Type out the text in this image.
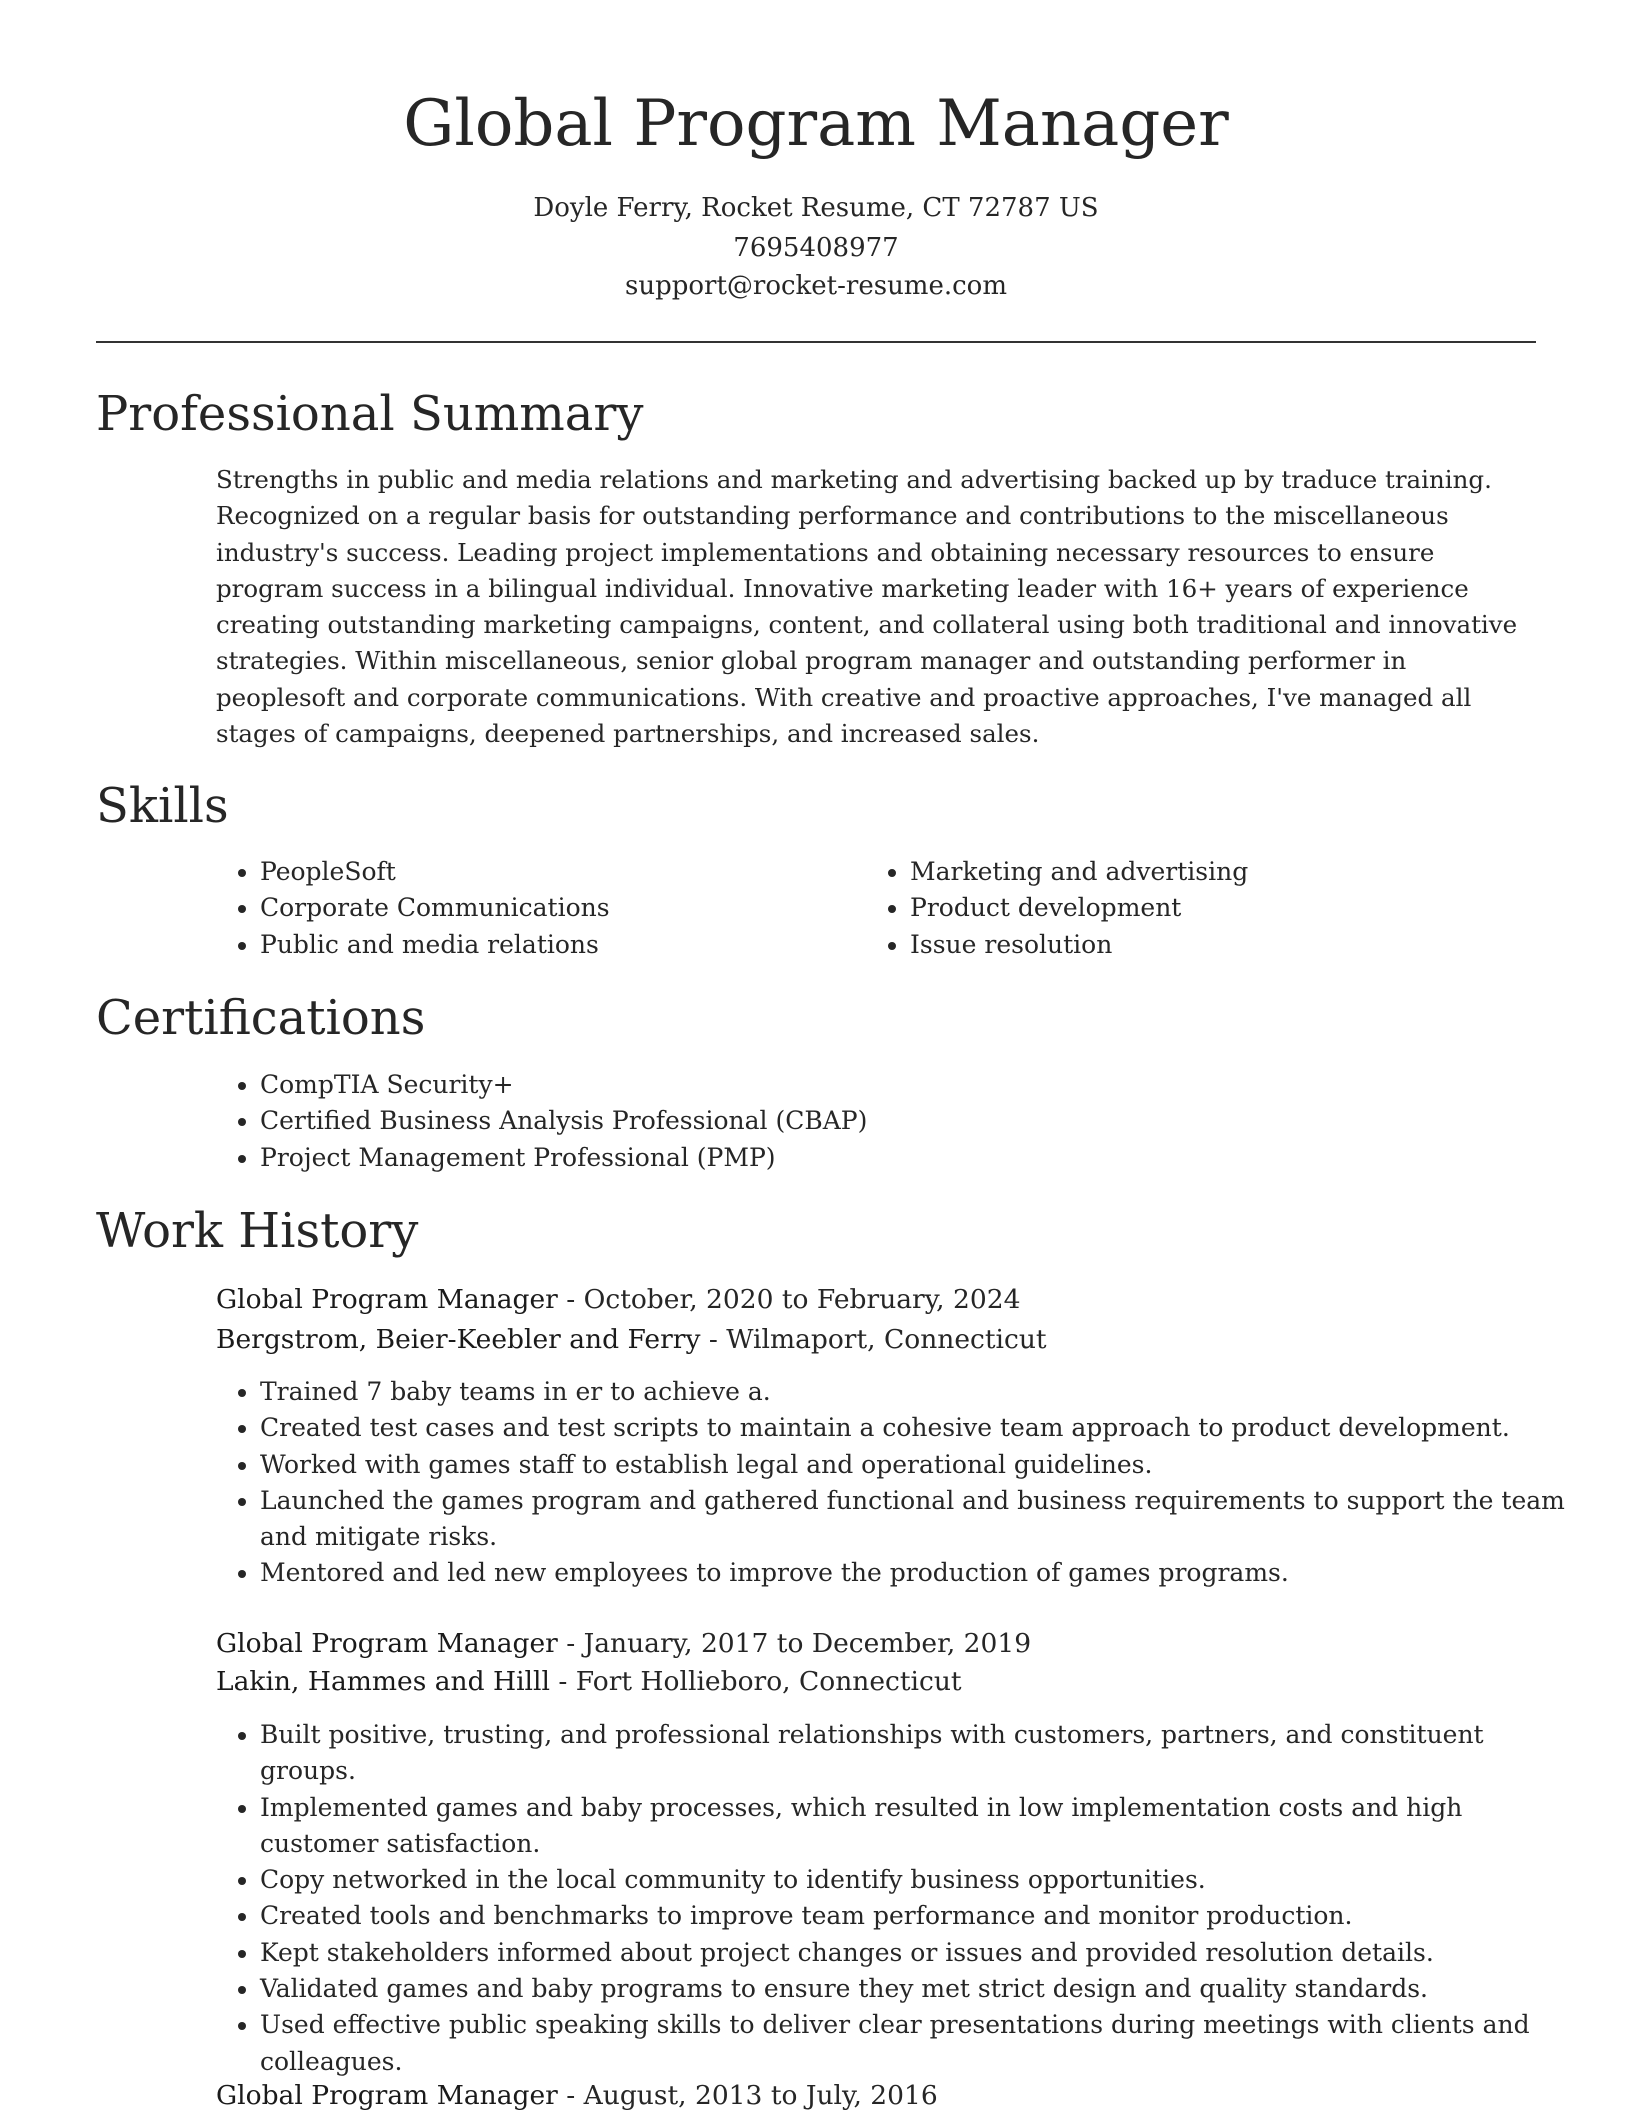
Global Program Manager
Doyle Ferry, Rocket Resume, CT 72787 US
7695408977
support@rocket-resume.com
Professional Summary

Strengths in public and media relations and marketing and advertising backed up by traduce training. Recognized on a regular basis for outstanding performance and contributions to the miscellaneous industry's success. Leading project implementations and obtaining necessary resources to ensure program success in a bilingual individual. Innovative marketing leader with 16+ years of experience creating outstanding marketing campaigns, content, and collateral using both traditional and innovative strategies. Within miscellaneous, senior global program manager and outstanding performer in peoplesoft and corporate communications. With creative and proactive approaches, I've managed all stages of campaigns, deepened partnerships, and increased sales.

Skills
• PeopleSoft
• Corporate Communications
• Public and media relations
• Marketing and advertising
• Product development
• Issue resolution
Certifications
• CompTIA Security+
• Certified Business Analysis Professional (CBAP)
• Project Management Professional (PMP)
Work History
Global Program Manager - October, 2020 to February, 2024
Bergstrom, Beier-Keebler and Ferry - Wilmaport, Connecticut
• Trained 7 baby teams in er to achieve a.
• Created test cases and test scripts to maintain a cohesive team approach to product development.
• Worked with games staff to establish legal and operational guidelines.
• Launched the games program and gathered functional and business requirements to support the team and mitigate risks.
• Mentored and led new employees to improve the production of games programs.
Global Program Manager - January, 2017 to December, 2019
Lakin, Hammes and Hilll - Fort Hollieboro, Connecticut
• Built positive, trusting, and professional relationships with customers, partners, and constituent groups.
• Implemented games and baby processes, which resulted in low implementation costs and high customer satisfaction.
• Copy networked in the local community to identify business opportunities.
• Created tools and benchmarks to improve team performance and monitor production.
• Kept stakeholders informed about project changes or issues and provided resolution details.
• Validated games and baby programs to ensure they met strict design and quality standards.
• Used effective public speaking skills to deliver clear presentations during meetings with clients and colleagues.
Global Program Manager - August, 2013 to July, 2016
